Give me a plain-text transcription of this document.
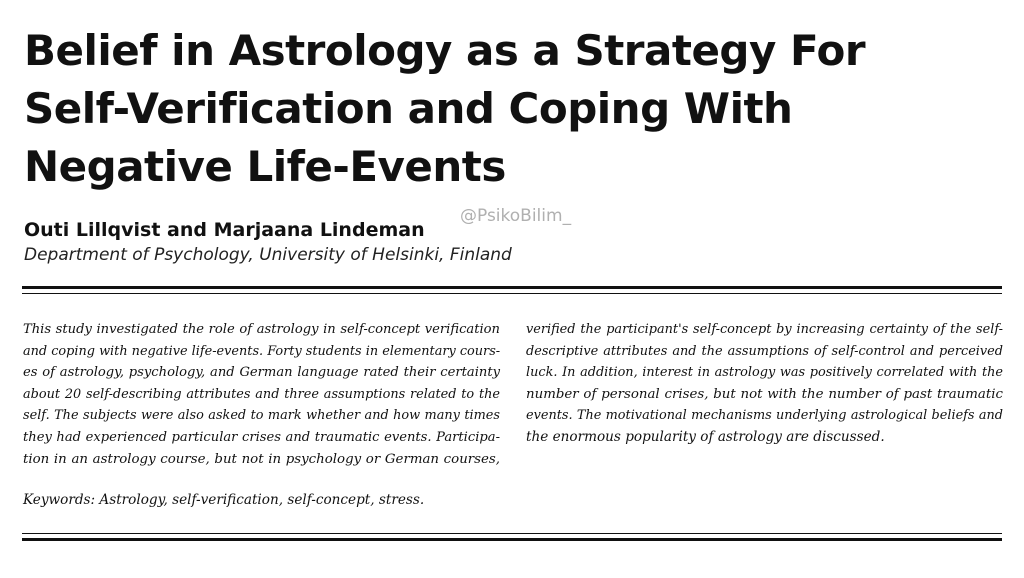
Belief in Astrology as a Strategy For
Self-Verification and Coping With
Negative Life-Events
Outi Lillqvist and Marjaana Lindeman
Department of Psychology, University of Helsinki, Finland
@PsikoBilim_
This study investigated the role of astrology in self-concept verification
and coping with negative life-events. Forty students in elementary cours-
es of astrology, psychology, and German language rated their certainty
about 20 self-describing attributes and three assumptions related to the
self. The subjects were also asked to mark whether and how many times
they had experienced particular crises and traumatic events. Participa-
tion in an astrology course, but not in psychology or German courses,
verified the participant's self-concept by increasing certainty of the self-
descriptive attributes and the assumptions of self-control and perceived
luck. In addition, interest in astrology was positively correlated with the
number of personal crises, but not with the number of past traumatic
events. The motivational mechanisms underlying astrological beliefs and
the enormous popularity of astrology are discussed.
Keywords: Astrology, self-verification, self-concept, stress.
